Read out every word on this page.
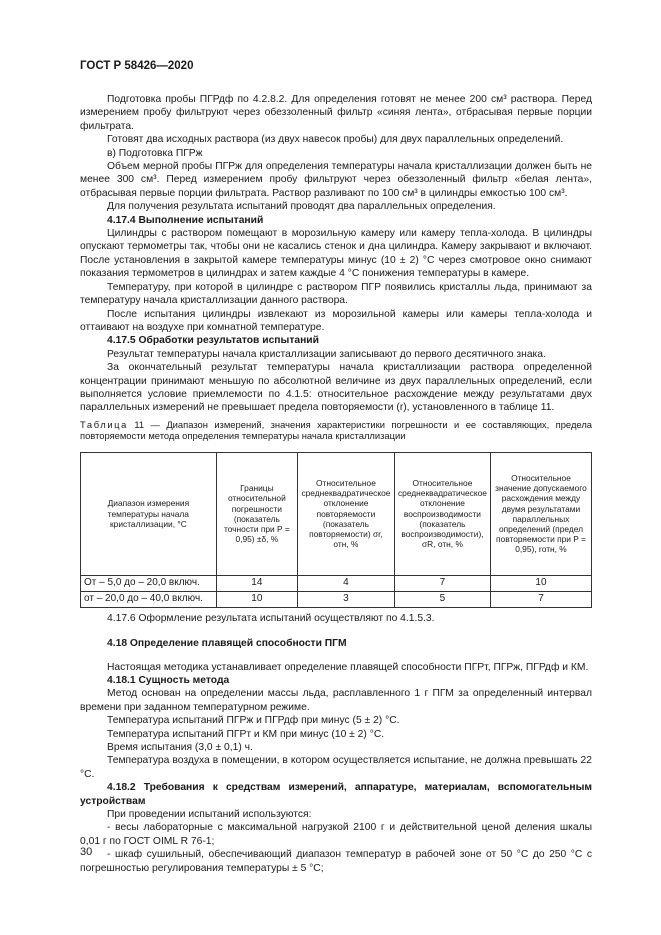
ГОСТ Р 58426—2020

Подготовка пробы ПГРдф по 4.2.8.2. Для определения готовят не менее 200 см³ раствора. Перед измерением пробу фильтруют через обеззоленный фильтр «синяя лента», отбрасывая первые порции фильтрата.

Готовят два исходных раствора (из двух навесок пробы) для двух параллельных определений.

в) Подготовка ПГРж

Объем мерной пробы ПГРж для определения температуры начала кристаллизации должен быть не менее 300 см³. Перед измерением пробу фильтруют через обеззоленный фильтр «белая лента», отбрасывая первые порции фильтрата. Раствор разливают по 100 см³ в цилиндры емкостью 100 см³.

Для получения результата испытаний проводят два параллельных определения.

4.17.4 Выполнение испытаний

Цилиндры с раствором помещают в морозильную камеру или камеру тепла-холода. В цилиндры опускают термометры так, чтобы они не касались стенок и дна цилиндра. Камеру закрывают и включают. После установления в закрытой камере температуры минус (10 ± 2) °С через смотровое окно снимают показания термометров в цилиндрах и затем каждые 4 °С понижения температуры в камере.

Температуру, при которой в цилиндре с раствором ПГР появились кристаллы льда, принимают за температуру начала кристаллизации данного раствора.

После испытания цилиндры извлекают из морозильной камеры или камеры тепла-холода и оттаивают на воздухе при комнатной температуре.

4.17.5 Обработки результатов испытаний

Результат температуры начала кристаллизации записывают до первого десятичного знака.

За окончательный результат температуры начала кристаллизации раствора определенной концентрации принимают меньшую по абсолютной величине из двух параллельных определений, если выполняется условие приемлемости по 4.1.5: относительное расхождение между результатами двух параллельных измерений не превышает предела повторяемости (r), установленного в таблице 11.

Таблица 11 — Диапазон измерений, значения характеристики погрешности и ее составляющих, предела повторяемости метода определения температуры начала кристаллизации

Диапазон измерения температуры начала кристаллизации, °С	Границы относительной погрешности (показатель точности при P = 0,95) ±δ, %	Относительное среднеквадратическое отклонение повторяемости (показатель повторяемости) σr, отн, %	Относительное среднеквадратическое отклонение воспроизводимости (показатель воспроизводимости), σR, отн, %	Относительное значение допускаемого расхождения между двумя результатами параллельных определений (предел повторяемости при P = 0,95), rотн, %
От – 5,0 до – 20,0 включ.	14	4	7	10
от – 20,0 до – 40,0 включ.	10	3	5	7

4.17.6 Оформление результата испытаний осуществляют по 4.1.5.3.

4.18 Определение плавящей способности ПГМ

Настоящая методика устанавливает определение плавящей способности ПГРт, ПГРж, ПГРдф и КМ.

4.18.1 Сущность метода

Метод основан на определении массы льда, расплавленного 1 г ПГМ за определенный интервал времени при заданном температурном режиме.

Температура испытаний ПГРж и ПГРдф при минус (5 ± 2) °С.

Температура испытаний ПГРт и КМ при минус (10 ± 2) °С.

Время испытания (3,0 ± 0,1) ч.

Температура воздуха в помещении, в котором осуществляется испытание, не должна превышать 22 °С.

4.18.2 Требования к средствам измерений, аппаратуре, материалам, вспомогательным устройствам

При проведении испытаний используются:

- весы лабораторные с максимальной нагрузкой 2100 г и действительной ценой деления шкалы 0,01 г по ГОСТ OIML R 76-1;

- шкаф сушильный, обеспечивающий диапазон температур в рабочей зоне от 50 °С до 250 °С с погрешностью регулирования температуры ± 5 °С;

30
